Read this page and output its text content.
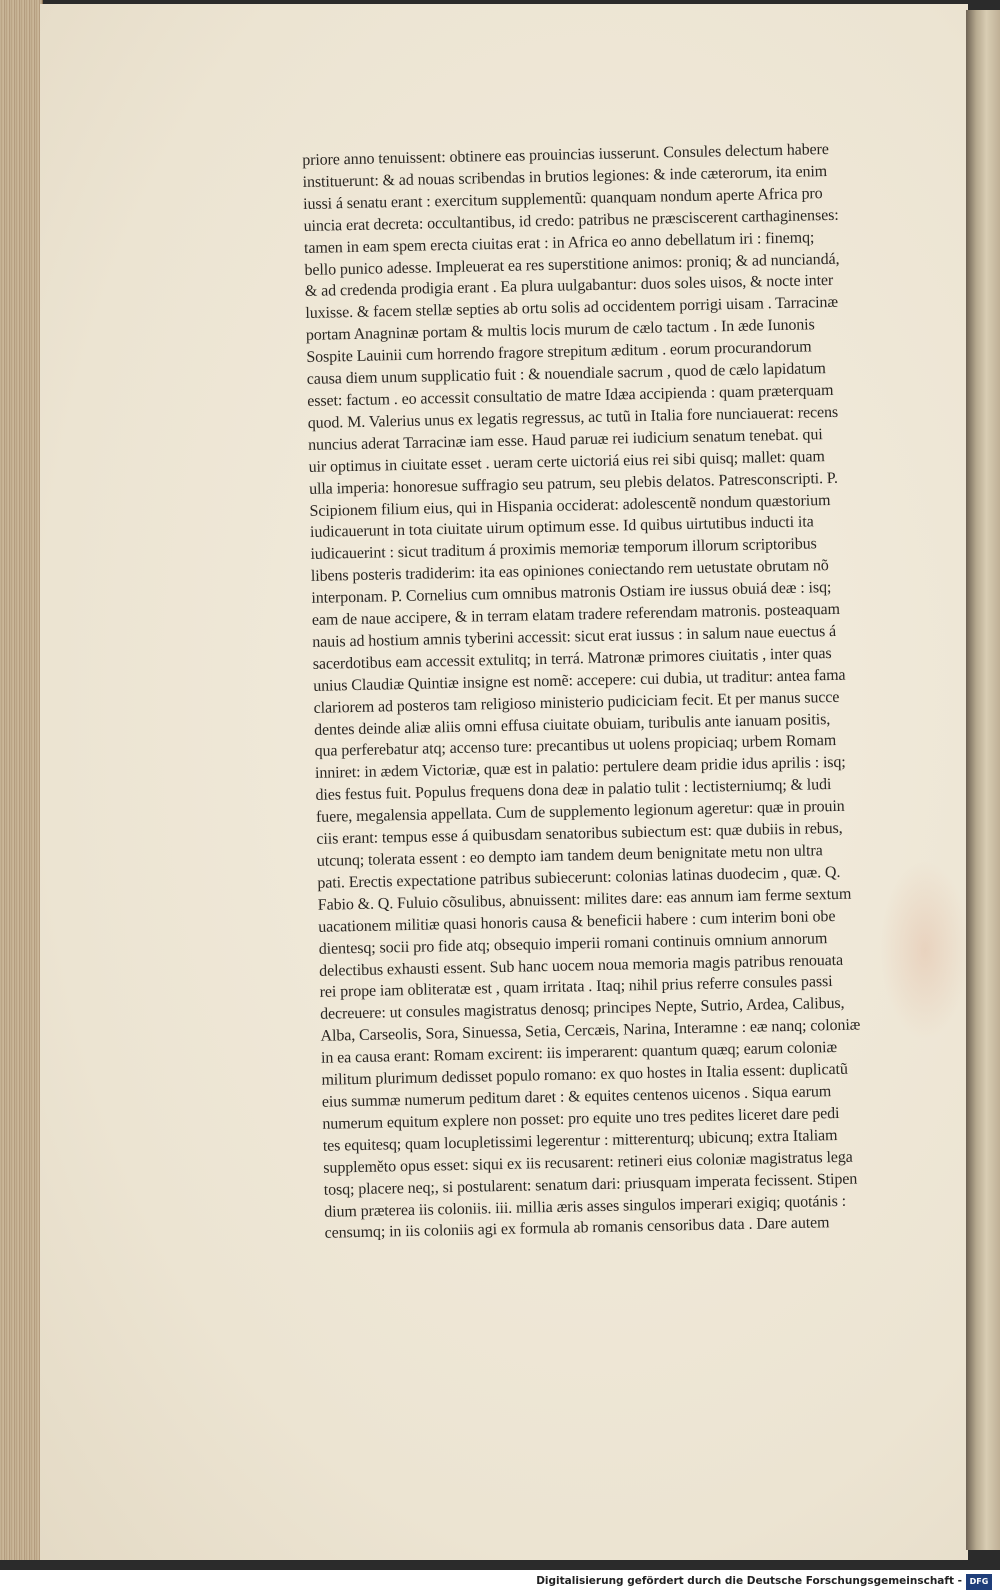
priore anno tenuissent: obtinere eas prouincias iusserunt. Consules delectum habere
instituerunt: & ad nouas scribendas in brutios legiones: & inde cæterorum, ita enim
iussi á senatu erant : exercitum supplementũ: quanquam nondum aperte Africa pro
uincia erat decreta: occultantibus, id credo: patribus ne præsciscerent carthaginenses:
tamen in eam spem erecta ciuitas erat : in Africa eo anno debellatum iri : finemq;
bello punico adesse. Impleuerat ea res superstitione animos: proniq; & ad nunciandá,
& ad credenda prodigia erant . Ea plura uulgabantur: duos soles uisos, & nocte inter
luxisse. & facem stellæ septies ab ortu solis ad occidentem porrigi uisam . Tarracinæ
portam Anagninæ portam & multis locis murum de cælo tactum . In æde Iunonis
Sospite Lauinii cum horrendo fragore strepitum æditum . eorum procurandorum
causa diem unum supplicatio fuit : & nouendiale sacrum , quod de cælo lapidatum
esset: factum . eo accessit consultatio de matre Idæa accipienda : quam præterquam
quod. M. Valerius unus ex legatis regressus, ac tutũ in Italia fore nunciauerat: recens
nuncius aderat Tarracinæ iam esse. Haud paruæ rei iudicium senatum tenebat. qui
uir optimus in ciuitate esset . ueram certe uictoriá eius rei sibi quisq; mallet: quam
ulla imperia: honoresue suffragio seu patrum, seu plebis delatos. Patresconscripti. P.
Scipionem filium eius, qui in Hispania occiderat: adolescentẽ nondum quæstorium
iudicauerunt in tota ciuitate uirum optimum esse. Id quibus uirtutibus inducti ita
iudicauerint : sicut traditum á proximis memoriæ temporum illorum scriptoribus
libens posteris tradiderim: ita eas opiniones coniectando rem uetustate obrutam nõ
interponam. P. Cornelius cum omnibus matronis Ostiam ire iussus obuiá deæ : isq;
eam de naue accipere, & in terram elatam tradere referendam matronis. posteaquam
nauis ad hostium amnis tyberini accessit: sicut erat iussus : in salum naue euectus á
sacerdotibus eam accessit extulitq; in terrá. Matronæ primores ciuitatis , inter quas
unius Claudiæ Quintiæ insigne est nomẽ: accepere: cui dubia, ut traditur: antea fama
clariorem ad posteros tam religioso ministerio pudiciciam fecit. Et per manus succe
dentes deinde aliæ aliis omni effusa ciuitate obuiam, turibulis ante ianuam positis,
qua perferebatur atq; accenso ture: precantibus ut uolens propiciaq; urbem Romam
inniret: in ædem Victoriæ, quæ est in palatio: pertulere deam pridie idus aprilis : isq;
dies festus fuit. Populus frequens dona deæ in palatio tulit : lectisterniumq; & ludi
fuere, megalensia appellata. Cum de supplemento legionum ageretur: quæ in prouin
ciis erant: tempus esse á quibusdam senatoribus subiectum est: quæ dubiis in rebus,
utcunq; tolerata essent : eo dempto iam tandem deum benignitate metu non ultra
pati. Erectis expectatione patribus subiecerunt: colonias latinas duodecim , quæ. Q.
Fabio &. Q. Fuluio cõsulibus, abnuissent: milites dare: eas annum iam ferme sextum
uacationem militiæ quasi honoris causa & beneficii habere : cum interim boni obe
dientesq; socii pro fide atq; obsequio imperii romani continuis omnium annorum
delectibus exhausti essent. Sub hanc uocem noua memoria magis patribus renouata
rei prope iam obliteratæ est , quam irritata . Itaq; nihil prius referre consules passi
decreuere: ut consules magistratus denosq; principes Nepte, Sutrio, Ardea, Calibus,
Alba, Carseolis, Sora, Sinuessa, Setia, Cercæis, Narina, Interamne : eæ nanq; coloniæ
in ea causa erant: Romam excirent: iis imperarent: quantum quæq; earum coloniæ
militum plurimum dedisset populo romano: ex quo hostes in Italia essent: duplicatũ
eius summæ numerum peditum daret : & equites centenos uicenos . Siqua earum
numerum equitum explere non posset: pro equite uno tres pedites liceret dare pedi
tes equitesq; quam locupletissimi legerentur : mitterenturq; ubicunq; extra Italiam
suppleměto opus esset: siqui ex iis recusarent: retineri eius coloniæ magistratus lega
tosq; placere neq;, si postularent: senatum dari: priusquam imperata fecissent. Stipen
dium præterea iis coloniis. iii. millia æris asses singulos imperari exigiq; quotánis :
censumq; in iis coloniis agi ex formula ab romanis censoribus data . Dare autem
Digitalisierung gefördert durch die Deutsche Forschungsgemeinschaft - DFG
